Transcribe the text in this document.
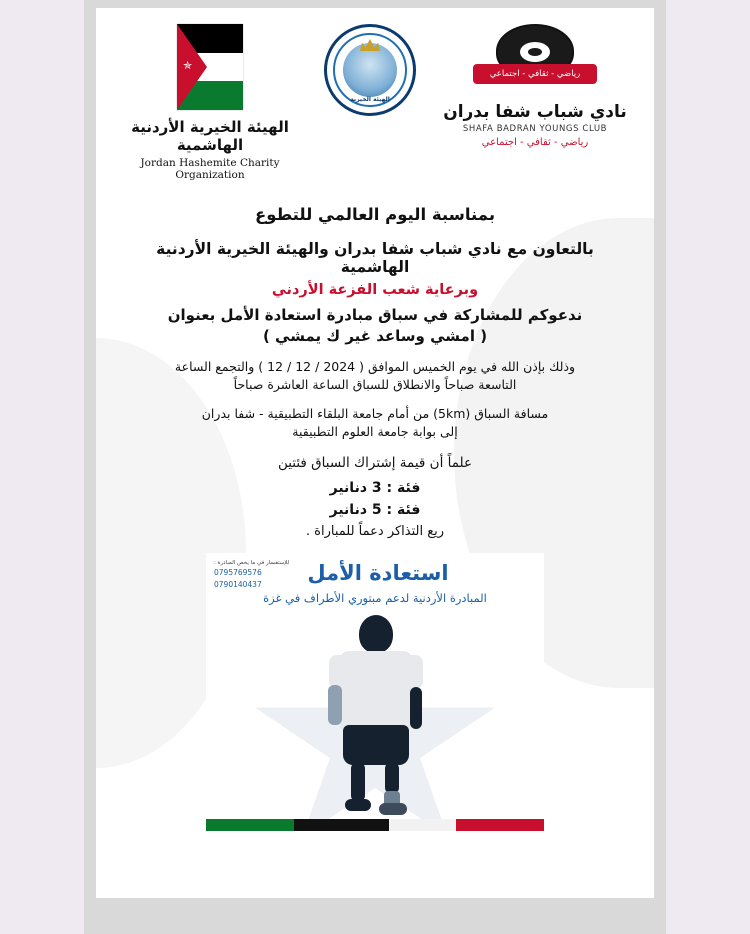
✯
الهيئة الخيرية الأردنية الهاشمية
Jordan Hashemite Charity Organization
الهيئة الخيرية
رياضي - ثقافي - اجتماعي
نادي شباب شفا بدران
SHAFA BADRAN YOUNGS CLUB
رياضي - ثقافي - اجتماعي

بمناسبة اليوم العالمي للتطوع

بالتعاون مع نادي شباب شفا بدران والهيئة الخيرية الأردنية الهاشمية

وبرعاية شعب الفزعة الأردني

ندعوكم للمشاركة في سباق مبادرة استعادة الأمل بعنوان

( امشي وساعد غير ك يمشي )

وذلك بإذن الله في يوم الخميس الموافق ( 2024 / 12 / 12 ) والتجمع الساعة

التاسعة صباحاً والانطلاق للسباق الساعة العاشرة صباحاً

مسافة السباق (5km) من أمام جامعة البلقاء التطبيقية - شفا بدران

إلى بوابة جامعة العلوم التطبيقية

علماً أن قيمة إشتراك السباق فئتين

فئة : 3 دنانير

فئة : 5 دنانير

ريع التذاكر دعماً للمباراة .

للإستفسار في ما يخص المبادرة :
0795769576
0790140437	استعادة الأمل
المبادرة الأردنية لدعم مبتوري الأطراف في غزة
